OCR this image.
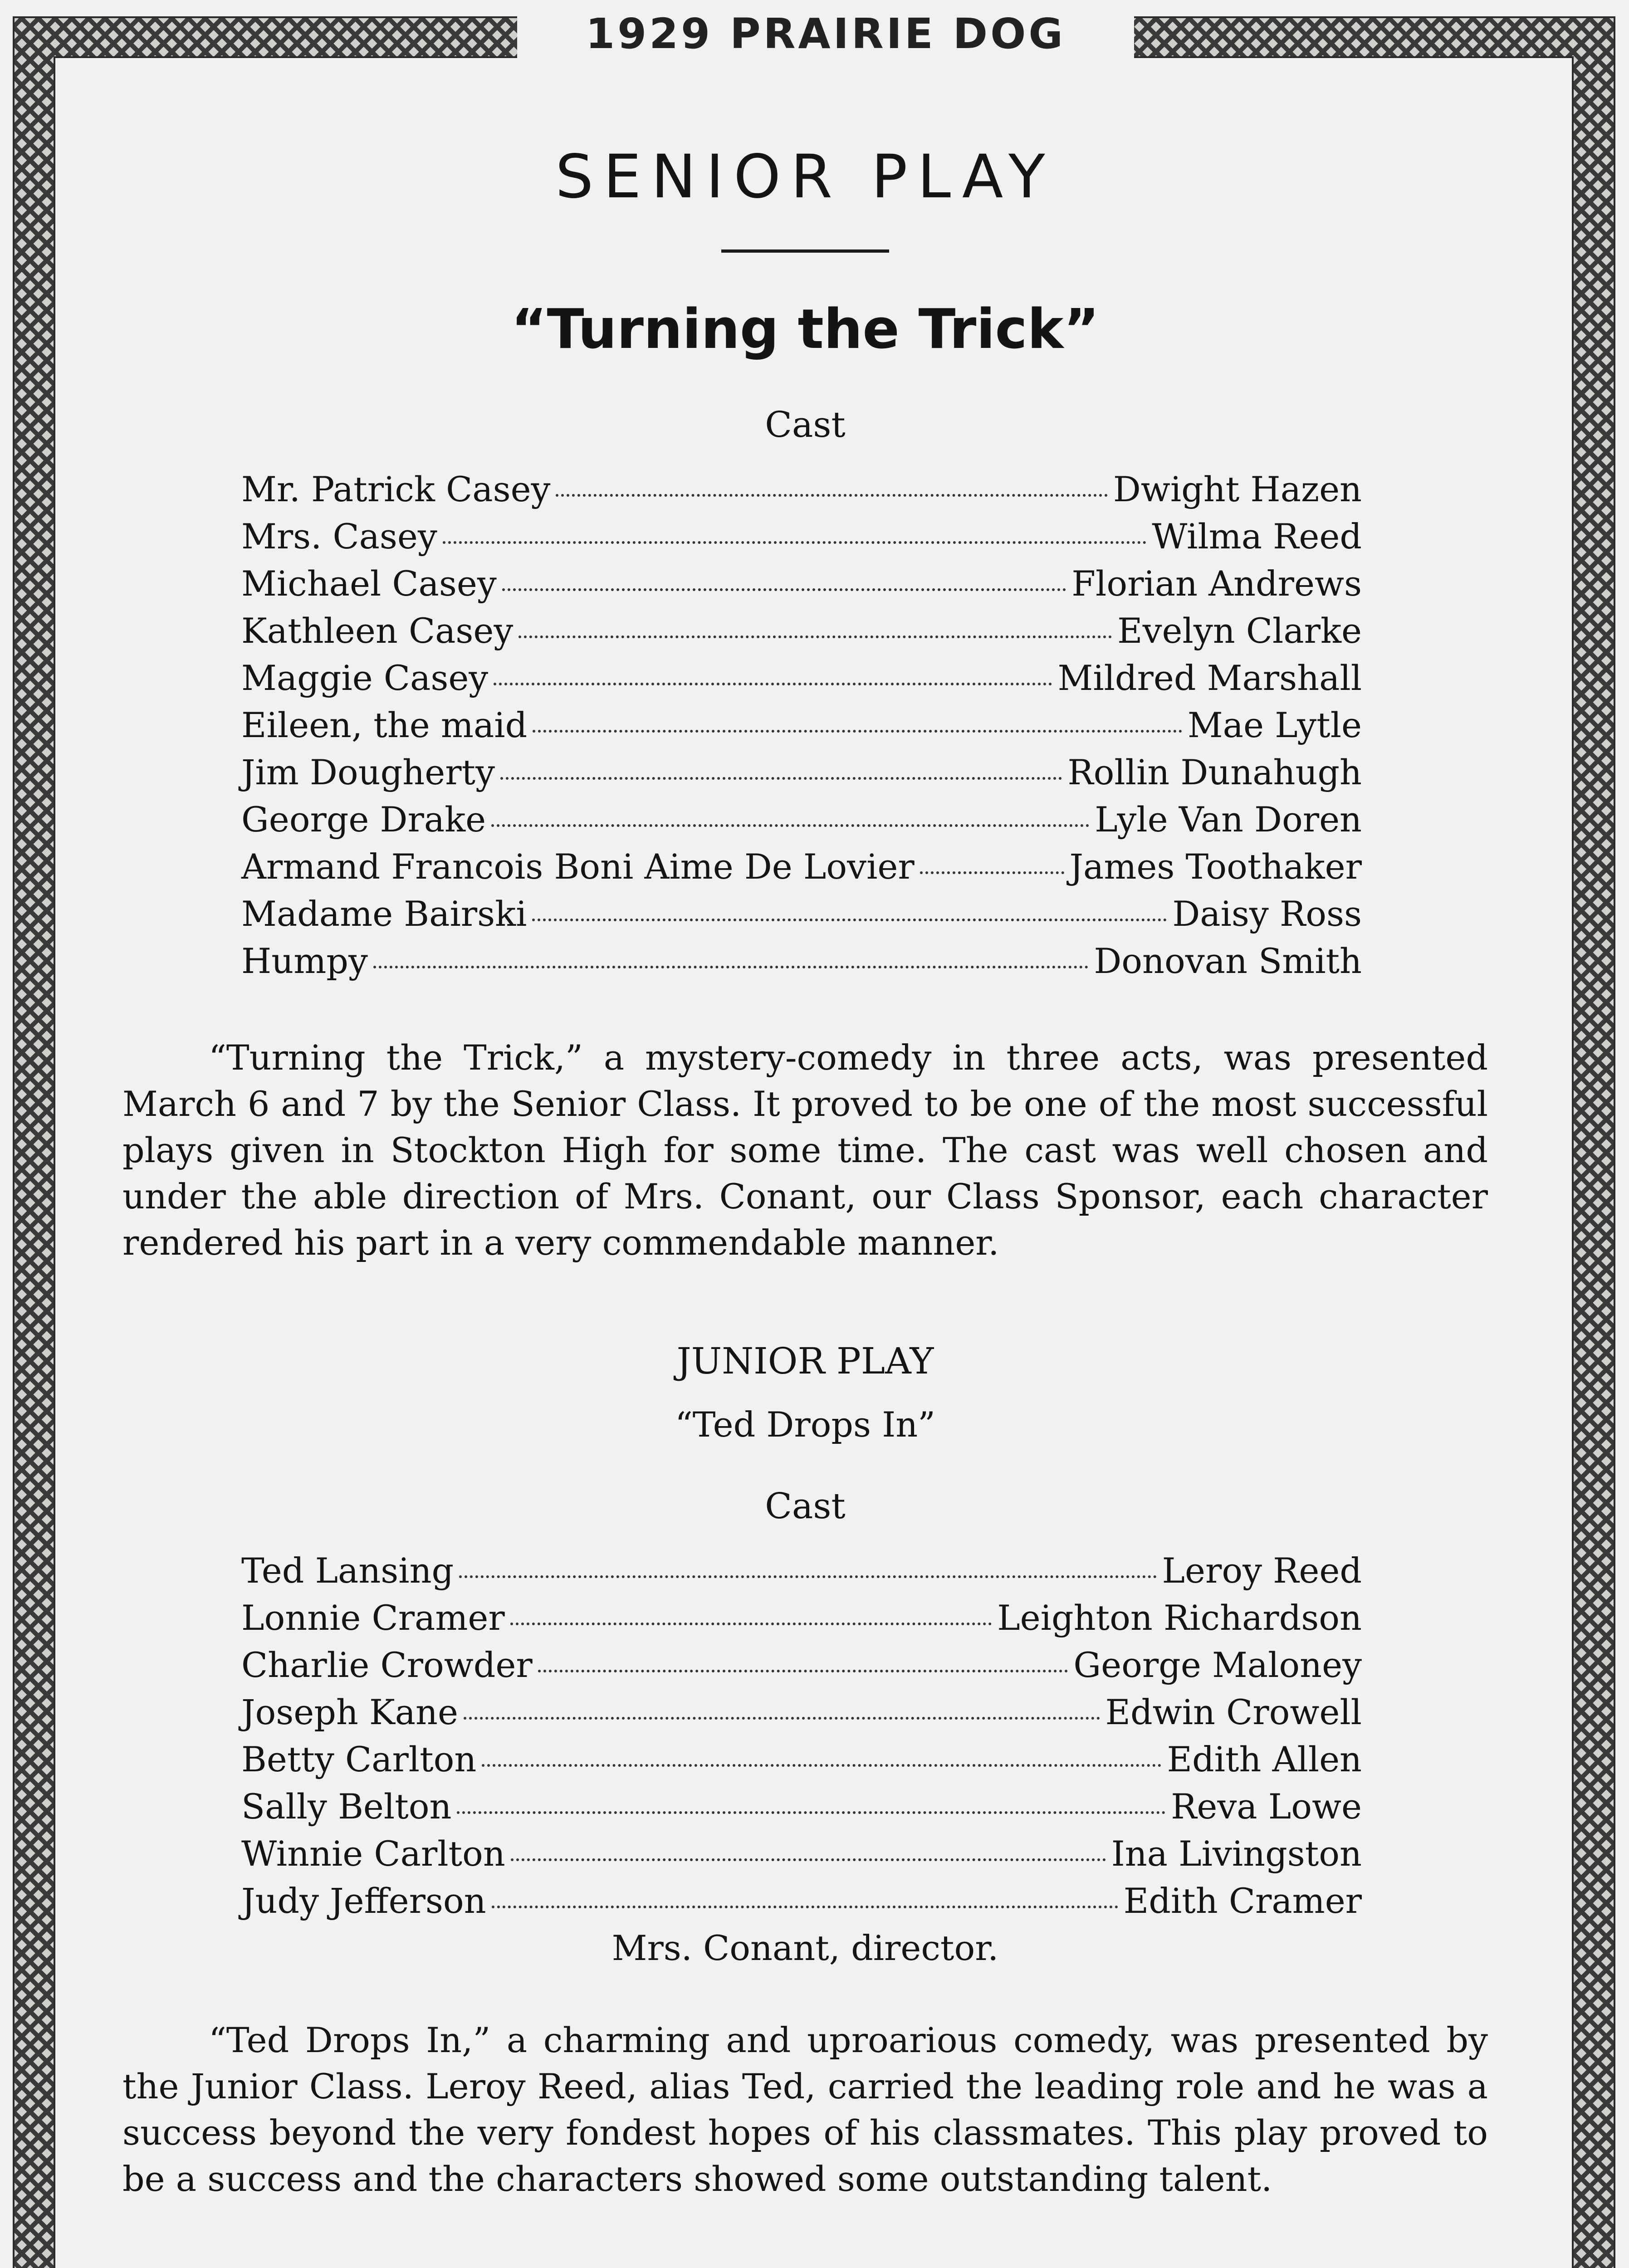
1929 PRAIRIE DOG
SENIOR PLAY
“Turning the Trick”
Cast
Mr. Patrick Casey	Dwight Hazen
Mrs. Casey	Wilma Reed
Michael Casey	Florian Andrews
Kathleen Casey	Evelyn Clarke
Maggie Casey	Mildred Marshall
Eileen, the maid	Mae Lytle
Jim Dougherty	Rollin Dunahugh
George Drake	Lyle Van Doren
Armand Francois Boni Aime De Lovier	James Toothaker
Madame Bairski	Daisy Ross
Humpy	Donovan Smith

“Turning the Trick,” a mystery-comedy in three acts, was presented March 6 and 7 by the Senior Class. It proved to be one of the most successful plays given in Stockton High for some time. The cast was well chosen and under the able direction of Mrs. Conant, our Class Sponsor, each character rendered his part in a very commendable manner.

JUNIOR PLAY
“Ted Drops In”
Cast
Ted Lansing	Leroy Reed
Lonnie Cramer	Leighton Richardson
Charlie Crowder	George Maloney
Joseph Kane	Edwin Crowell
Betty Carlton	Edith Allen
Sally Belton	Reva Lowe
Winnie Carlton	Ina Livingston
Judy Jefferson	Edith Cramer

Mrs. Conant, director.

“Ted Drops In,” a charming and uproarious comedy, was presented by the Junior Class. Leroy Reed, alias Ted, carried the leading role and he was a success beyond the very fondest hopes of his classmates. This play proved to be a success and the characters showed some outstanding talent.
